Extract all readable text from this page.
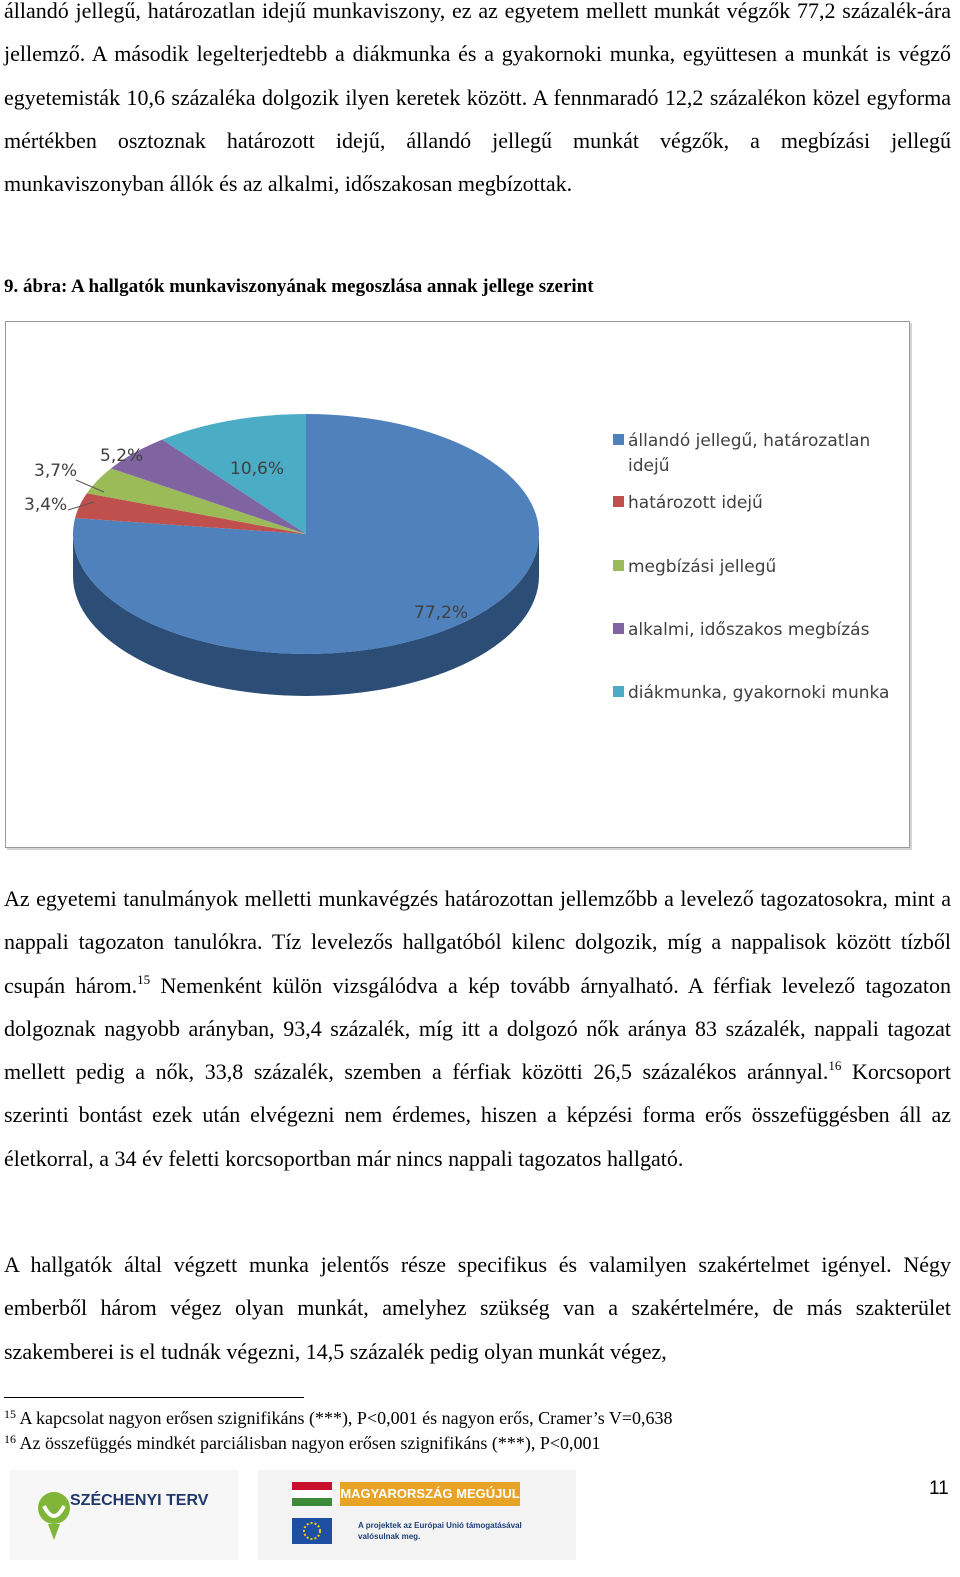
állandó jellegű, határozatlan idejű munkaviszony, ez az egyetem mellett munkát végzők 77,2 százalék-ára jellemző. A második legelterjedtebb a diákmunka és a gyakornoki munka, együttesen a munkát is végző egyetemisták 10,6 százaléka dolgozik ilyen keretek között. A fennmaradó 12,2 százalékon közel egyforma mértékben osztoznak határozott idejű, állandó jellegű munkát végzők, a megbízási jellegű munkaviszonyban állók és az alkalmi, időszakosan megbízottak.

9. ábra: A hallgatók munkaviszonyának megoszlása annak jellege szerint

77,2%
3,4%
3,7%
5,2%
10,6%
állandó jellegű, határozatlan
idejű
határozott idejű
megbízási jellegű
alkalmi, időszakos megbízás
diákmunka, gyakornoki munka

Az egyetemi tanulmányok melletti munkavégzés határozottan jellemzőbb a levelező tagozatosokra, mint a nappali tagozaton tanulókra. Tíz levelezős hallgatóból kilenc dolgozik, míg a nappalisok között tízből csupán három.$^{15}$ Nemenként külön vizsgálódva a kép tovább árnyalható. A férfiak levelező tagozaton dolgoznak nagyobb arányban, 93,4 százalék, míg itt a dolgozó nők aránya 83 százalék, nappali tagozat mellett pedig a nők, 33,8 százalék, szemben a férfiak közötti 26,5 százalékos aránnyal.$^{16}$ Korcsoport szerinti bontást ezek után elvégezni nem érdemes, hiszen a képzési forma erős összefüggésben áll az életkorral, a 34 év feletti korcsoportban már nincs nappali tagozatos hallgató.

A hallgatók által végzett munka jelentős része specifikus és valamilyen szakértelmet igényel. Négy emberből három végez olyan munkát, amelyhez szükség van a szakértelmére, de más szakterület szakemberei is el tudnák végezni, 14,5 százalék pedig olyan munkát végez,

$^{15}$ A kapcsolat nagyon erősen szignifikáns (***), P<0,001 és nagyon erős, Cramer’s V=0,638

$^{16}$ Az összefüggés mindkét parciálisban nagyon erősen szignifikáns (***), P<0,001

11
SZÉCHENYI TERV	MAGYARORSZÁG MEGÚJUL
A projektek az Európai Unió támogatásával valósulnak meg.
